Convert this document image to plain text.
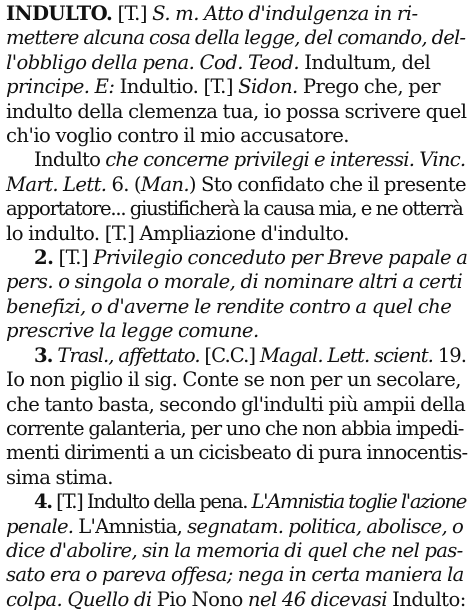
INDULTO. [T.] S. m. Atto d'indulgenza in ri-
mettere alcuna cosa della legge, del comando, del-
l'obbligo della pena. Cod. Teod. Indultum, del
principe. E: Indultio. [T.] Sidon. Prego che, per
indulto della clemenza tua, io possa scrivere quel
ch'io voglio contro il mio accusatore.
Indulto che concerne privilegi e interessi. Vinc.
Mart. Lett. 6. (Man.) Sto confidato che il presente
apportatore... giustificherà la causa mia, e ne otterrà
lo indulto. [T.] Ampliazione d'indulto.
2. [T.] Privilegio conceduto per Breve papale a
pers. o singola o morale, di nominare altri a certi
benefizi, o d'averne le rendite contro a quel che
prescrive la legge comune.
3. Trasl., affettato. [C.C.] Magal. Lett. scient. 19.
Io non piglio il sig. Conte se non per un secolare,
che tanto basta, secondo gl'indulti più ampii della
corrente galanteria, per uno che non abbia impedi-
menti dirimenti a un cicisbeato di pura innocentis-
sima stima.
4. [T.] Indulto della pena. L'Amnistia toglie l'azione
penale. L'Amnistia, segnatam. politica, abolisce, o
dice d'abolire, sin la memoria di quel che nel pas-
sato era o pareva offesa; nega in certa maniera la
colpa. Quello di Pio Nono nel 46 dicevasi Indulto:
